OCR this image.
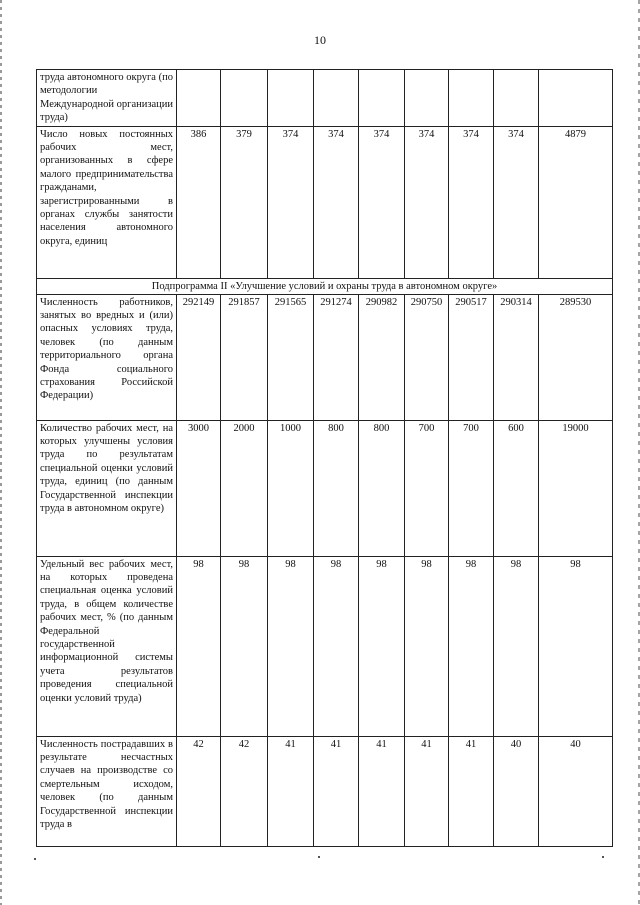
10
труда автономного округа (по методологии Международной организации труда)									
Число новых постоянных рабочих мест, организованных в сфере малого предпринимательства гражданами, зарегистрированными в органах службы занятости населения автономного округа, единиц	386	379	374	374	374	374	374	374	4879
Подпрограмма II «Улучшение условий и охраны труда в автономном округе»									
Численность работников, занятых во вредных и (или) опасных условиях труда, человек (по данным территориального органа Фонда социального страхования Российской Федерации)	292149	291857	291565	291274	290982	290750	290517	290314	289530
Количество рабочих мест, на которых улучшены условия труда по результатам специальной оценки условий труда, единиц (по данным Государственной инспекции труда в автономном округе)	3000	2000	1000	800	800	700	700	600	19000
Удельный вес рабочих мест, на которых проведена специальная оценка условий труда, в общем количестве рабочих мест, % (по данным Федеральной государственной информационной системы учета результатов проведения специальной оценки условий труда)	98	98	98	98	98	98	98	98	98
Численность пострадавших в результате несчастных случаев на производстве со смертельным исходом, человек (по данным Государственной инспекции труда в	42	42	41	41	41	41	41	40	40
